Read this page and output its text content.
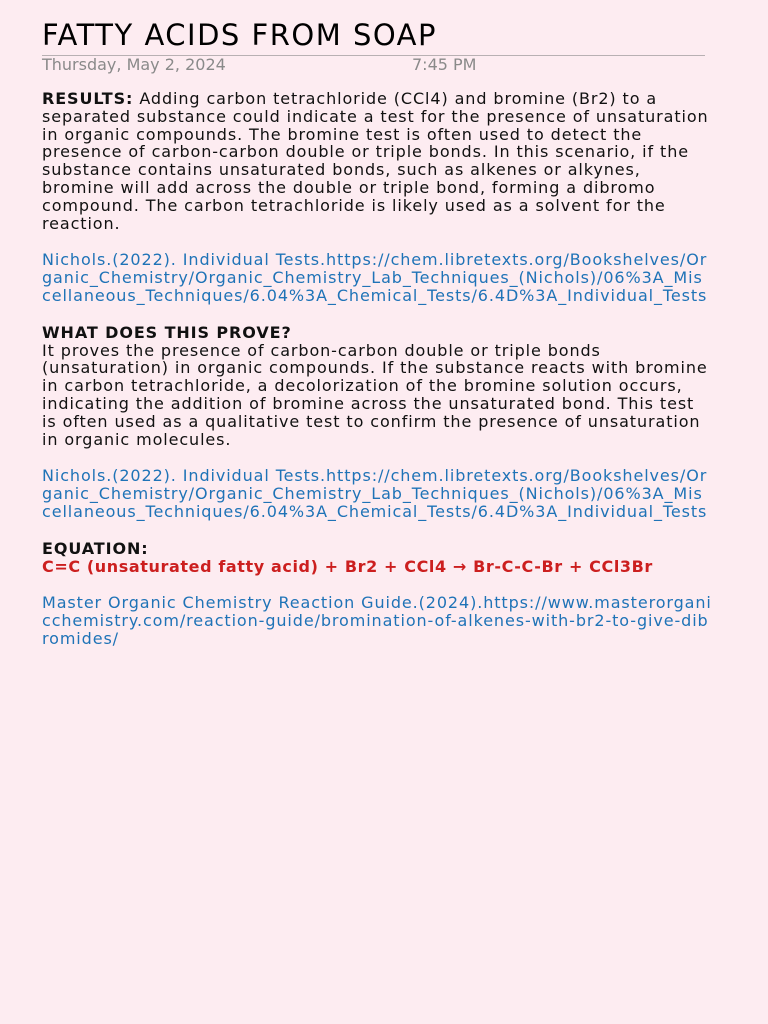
FATTY ACIDS FROM SOAP
Thursday, May 2, 2024	7:45 PM

RESULTS: Adding carbon tetrachloride (CCl4) and bromine (Br2) to a separated substance could indicate a test for the presence of unsaturation in organic compounds. The bromine test is often used to detect the presence of carbon-carbon double or triple bonds. In this scenario, if the substance contains unsaturated bonds, such as alkenes or alkynes, bromine will add across the double or triple bond, forming a dibromo compound. The carbon tetrachloride is likely used as a solvent for the reaction.

Nichols.(2022). Individual Tests.https://chem.libretexts.org/Bookshelves/Organic_Chemistry/Organic_Chemistry_Lab_Techniques_(Nichols)/06%3A_Miscellaneous_Techniques/6.04%3A_Chemical_Tests/6.4D%3A_Individual_Tests

WHAT DOES THIS PROVE?

It proves the presence of carbon-carbon double or triple bonds (unsaturation) in organic compounds. If the substance reacts with bromine in carbon tetrachloride, a decolorization of the bromine solution occurs, indicating the addition of bromine across the unsaturated bond. This test is often used as a qualitative test to confirm the presence of unsaturation in organic molecules.

Nichols.(2022). Individual Tests.https://chem.libretexts.org/Bookshelves/Organic_Chemistry/Organic_Chemistry_Lab_Techniques_(Nichols)/06%3A_Miscellaneous_Techniques/6.04%3A_Chemical_Tests/6.4D%3A_Individual_Tests

EQUATION:

C=C (unsaturated fatty acid) + Br2 + CCl4 → Br-C-C-Br + CCl3Br

Master Organic Chemistry Reaction Guide.(2024).https://www.masterorganicchemistry.com/reaction-guide/bromination-of-alkenes-with-br2-to-give-dibromides/
